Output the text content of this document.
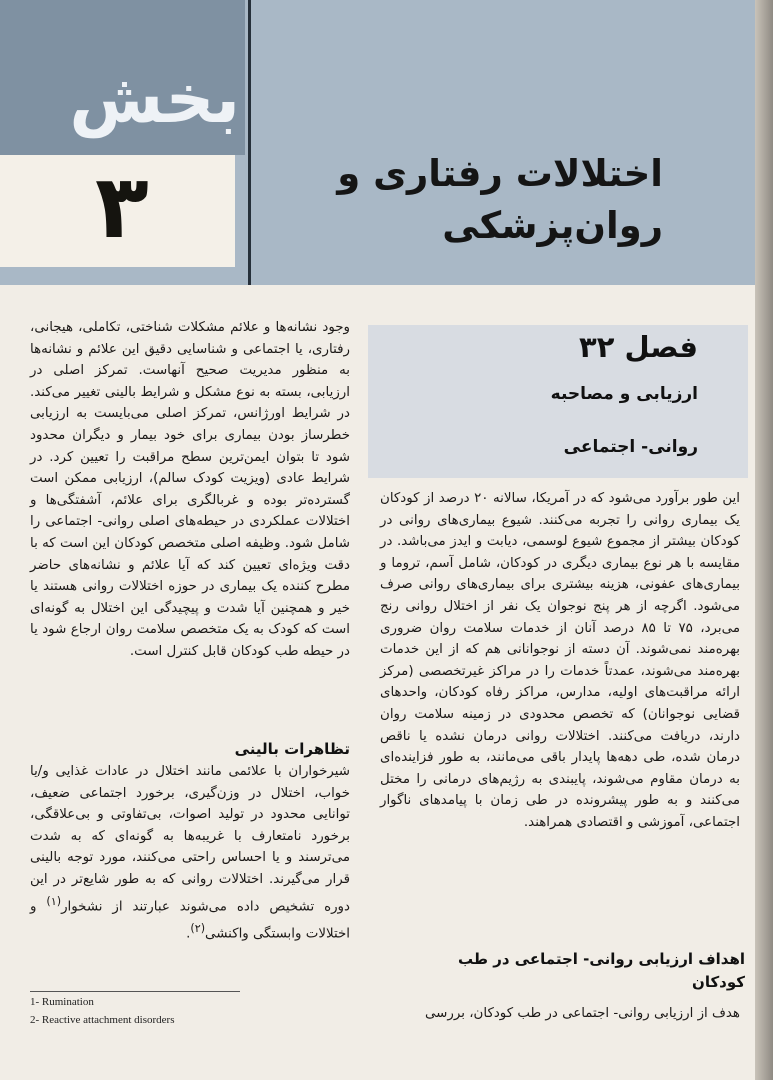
بخش
۳	اختلالات رفتاری و
روان‌پزشکی
فصل ۳۲
ارزیابی و مصاحبه
روانی- اجتماعی

وجود نشانه‌ها و علائم مشکلات شناختی، تکاملی، هیجانی، رفتاری، یا اجتماعی و شناسایی دقیق این علائم و نشانه‌ها به منظور مدیریت صحیح آنهاست. تمرکز اصلی در ارزیابی، بسته به نوع مشکل و شرایط بالینی تغییر می‌کند. در شرایط اورژانس، تمرکز اصلی می‌بایست به ارزیابی خطرساز بودن بیماری برای خود بیمار و دیگران محدود شود تا بتوان ایمن‌ترین سطح مراقبت را تعیین کرد. در شرایط عادی (ویزیت کودک سالم)، ارزیابی ممکن است گسترده‌تر بوده و غربالگری برای علائم، آشفتگی‌ها و اختلالات عملکردی در حیطه‌های اصلی روانی- اجتماعی را شامل شود. وظیفه اصلی متخصص کودکان این است که با دقت ویژه‌ای تعیین کند که آیا علائم و نشانه‌های حاضر مطرح کننده یک بیماری در حوزه اختلالات روانی هستند یا خیر و همچنین آیا شدت و پیچیدگی این اختلال به گونه‌ای است که کودک به یک متخصص سلامت روان ارجاع شود یا در حیطه طب کودکان قابل کنترل است.

تظاهرات بالینی

شیرخواران با علائمی مانند اختلال در عادات غذایی و/یا خواب، اختلال در وزن‌گیری، برخورد اجتماعی ضعیف، توانایی محدود در تولید اصوات، بی‌تفاوتی و بی‌علاقگی، برخورد نامتعارف با غریبه‌ها به گونه‌ای که به شدت می‌ترسند و یا احساس راحتی می‌کنند، مورد توجه بالینی قرار می‌گیرند. اختلالات روانی که به طور شایع‌تر در این دوره تشخیص داده می‌شوند عبارتند از نشخوار$^{(۱)}$ و اختلالات وابستگی واکنشی$^{(۲)}$.

این طور برآورد می‌شود که در آمریکا، سالانه ۲۰ درصد از کودکان یک بیماری روانی را تجربه می‌کنند. شیوع بیماری‌های روانی در کودکان بیشتر از مجموع شیوع لوسمی، دیابت و ایدز می‌باشد. در مقایسه با هر نوع بیماری دیگری در کودکان، شامل آسم، تروما و بیماری‌های عفونی، هزینه بیشتری برای بیماری‌های روانی صرف می‌شود. اگرچه از هر پنج نوجوان یک نفر از اختلال روانی رنج می‌برد، ۷۵ تا ۸۵ درصد آنان از خدمات سلامت روان ضروری بهره‌مند نمی‌شوند. آن دسته از نوجوانانی هم که از این خدمات بهره‌مند می‌شوند، عمدتاً خدمات را در مراکز غیرتخصصی (مرکز ارائه مراقبت‌های اولیه، مدارس، مراکز رفاه کودکان، واحدهای قضایی نوجوانان) که تخصص محدودی در زمینه سلامت روان دارند، دریافت می‌کنند. اختلالات روانی درمان نشده یا ناقص درمان شده، طی دهه‌ها پایدار باقی می‌مانند، به طور فزاینده‌ای به درمان مقاوم می‌شوند، پایبندی به رژیم‌های درمانی را مختل می‌کنند و به طور پیشرونده در طی زمان با پیامدهای ناگوار اجتماعی، آموزشی و اقتصادی همراهند.

اهداف ارزیابی روانی- اجتماعی در طب
کودکان

هدف از ارزیابی روانی- اجتماعی در طب کودکان، بررسی

1- Rumination
2- Reactive attachment disorders
